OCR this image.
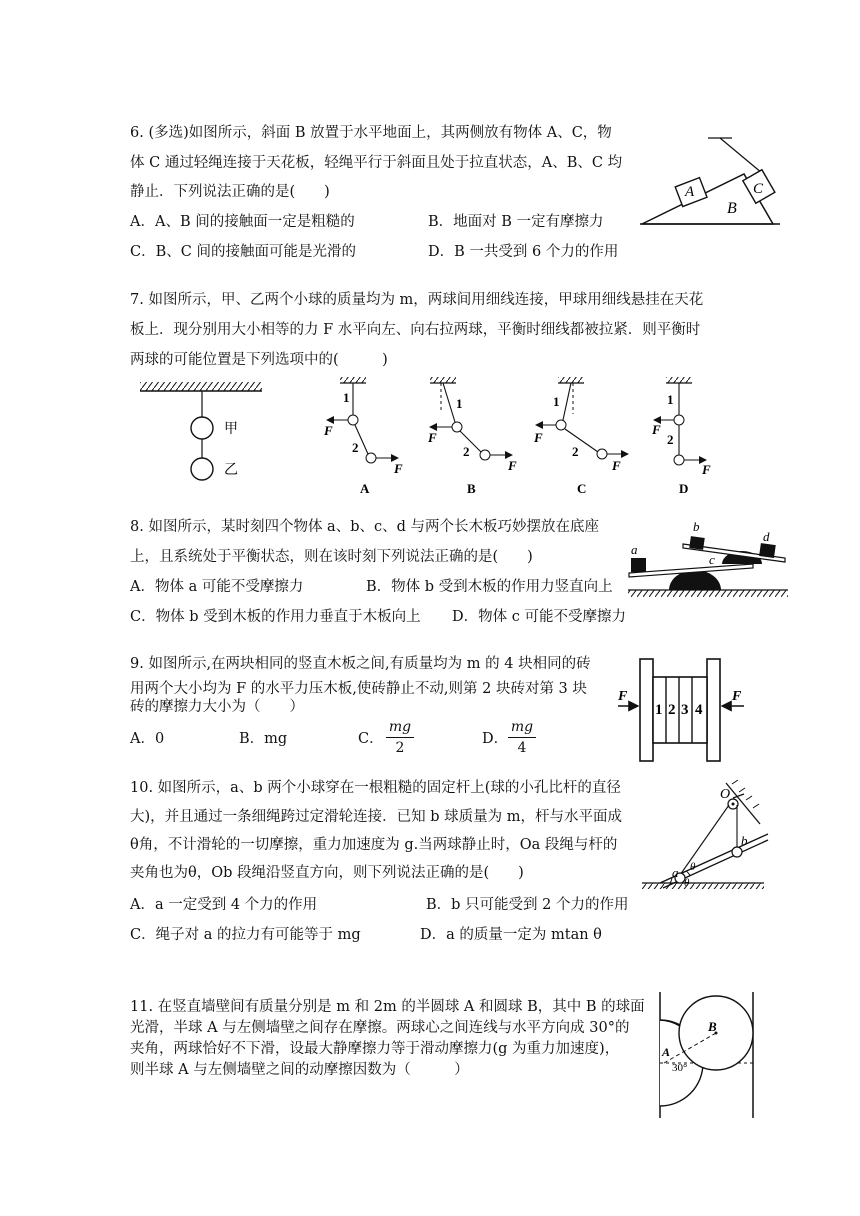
6. (多选)如图所示，斜面 B 放置于水平地面上，其两侧放有物体 A、C，物
体 C 通过轻绳连接于天花板，轻绳平行于斜面且处于拉直状态，A、B、C 均
静止．下列说法正确的是(　　)
A．A、B 间的接触面一定是粗糙的	B．地面对 B 一定有摩擦力
C．B、C 间的接触面可能是光滑的	D．B 一共受到 6 个力的作用
A
B
C
7. 如图所示，甲、乙两个小球的质量均为 m，两球间用细线连接，甲球用细线悬挂在天花
板上．现分别用大小相等的力 F 水平向左、向右拉两球，平衡时细线都被拉紧．则平衡时
两球的可能位置是下列选项中的(　　　)
甲
乙
1
2
F
F
A
1
2
F
F
B
1
2
F
F
C
1
2
F
F
D
8. 如图所示，某时刻四个物体 a、b、c、d 与两个长木板巧妙摆放在底座
上，且系统处于平衡状态，则在该时刻下列说法正确的是(　　)
A．物体 a 可能不受摩擦力	B．物体 b 受到木板的作用力竖直向上
C．物体 b 受到木板的作用力垂直于木板向上 D．物体 c 可能不受摩擦力
a
b
c
d
9. 如图所示,在两块相同的竖直木板之间,有质量均为 m 的 4 块相同的砖
用两个大小均为 F 的水平力压木板,使砖静止不动,则第 2 块砖对第 3 块
砖的摩擦力大小为（　　）
A．0	B．mg	C．
mg
2
D．
mg
4
F	F
1 2 3 4
10. 如图所示，a、b 两个小球穿在一根粗糙的固定杆上(球的小孔比杆的直径
大)，并且通过一条细绳跨过定滑轮连接．已知 b 球质量为 m，杆与水平面成
θ角，不计滑轮的一切摩擦，重力加速度为 g.当两球静止时，Oa 段绳与杆的
夹角也为θ，Ob 段绳沿竖直方向，则下列说法正确的是(　　)
A．a 一定受到 4 个力的作用	B．b 只可能受到 2 个力的作用
C．绳子对 a 的拉力有可能等于 mg	D．a 的质量一定为 mtan θ
O
a
b
θ
θ
11. 在竖直墙壁间有质量分别是 m 和 2m 的半圆球 A 和圆球 B，其中 B 的球面
光滑，半球 A 与左侧墙壁之间存在摩擦。两球心之间连线与水平方向成 30°的
夹角，两球恰好不下滑，设最大静摩擦力等于滑动摩擦力(g 为重力加速度)，
则半球 A 与左侧墙壁之间的动摩擦因数为（　　　）
B
A
30°
